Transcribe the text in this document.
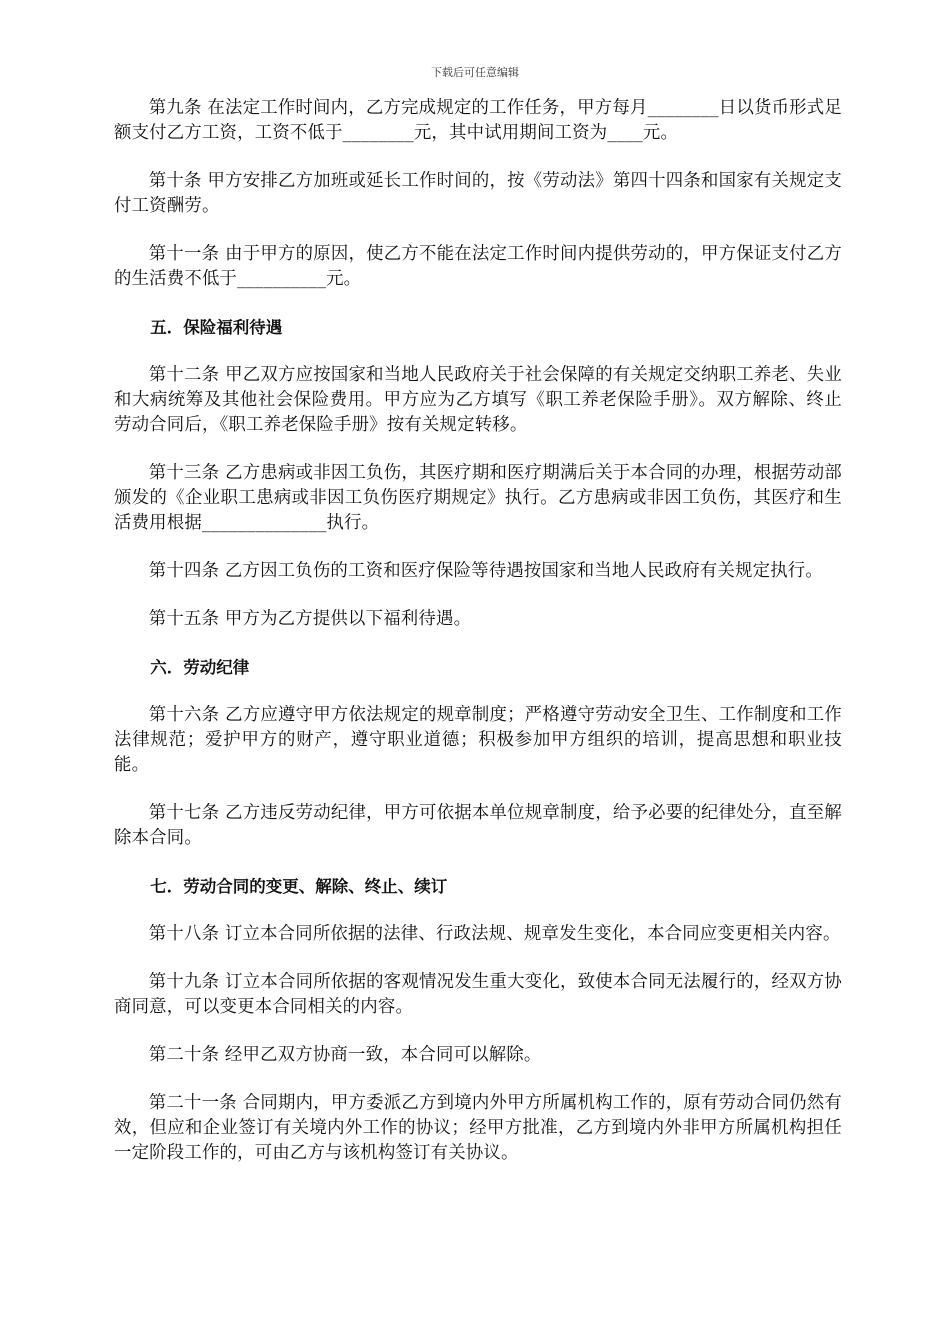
下载后可任意编辑

第九条 在法定工作时间内，乙方完成规定的工作任务，甲方每月________日以货币形式足额支付乙方工资，工资不低于________元，其中试用期间工资为____元。

第十条 甲方安排乙方加班或延长工作时间的，按《劳动法》第四十四条和国家有关规定支付工资酬劳。

第十一条 由于甲方的原因，使乙方不能在法定工作时间内提供劳动的，甲方保证支付乙方的生活费不低于__________元。

五．保险福利待遇

第十二条 甲乙双方应按国家和当地人民政府关于社会保障的有关规定交纳职工养老、失业和大病统筹及其他社会保险费用。甲方应为乙方填写《职工养老保险手册》。双方解除、终止劳动合同后，《职工养老保险手册》按有关规定转移。

第十三条 乙方患病或非因工负伤，其医疗期和医疗期满后关于本合同的办理，根据劳动部颁发的《企业职工患病或非因工负伤医疗期规定》执行。乙方患病或非因工负伤，其医疗和生活费用根据______________执行。

第十四条 乙方因工负伤的工资和医疗保险等待遇按国家和当地人民政府有关规定执行。

第十五条 甲方为乙方提供以下福利待遇。

六．劳动纪律

第十六条 乙方应遵守甲方依法规定的规章制度；严格遵守劳动安全卫生、工作制度和工作法律规范；爱护甲方的财产，遵守职业道德；积极参加甲方组织的培训，提高思想和职业技能。

第十七条 乙方违反劳动纪律，甲方可依据本单位规章制度，给予必要的纪律处分，直至解除本合同。

七．劳动合同的变更、解除、终止、续订

第十八条 订立本合同所依据的法律、行政法规、规章发生变化，本合同应变更相关内容。

第十九条 订立本合同所依据的客观情况发生重大变化，致使本合同无法履行的，经双方协商同意，可以变更本合同相关的内容。

第二十条 经甲乙双方协商一致，本合同可以解除。

第二十一条 合同期内，甲方委派乙方到境内外甲方所属机构工作的，原有劳动合同仍然有效，但应和企业签订有关境内外工作的协议；经甲方批准，乙方到境内外非甲方所属机构担任一定阶段工作的，可由乙方与该机构签订有关协议。
